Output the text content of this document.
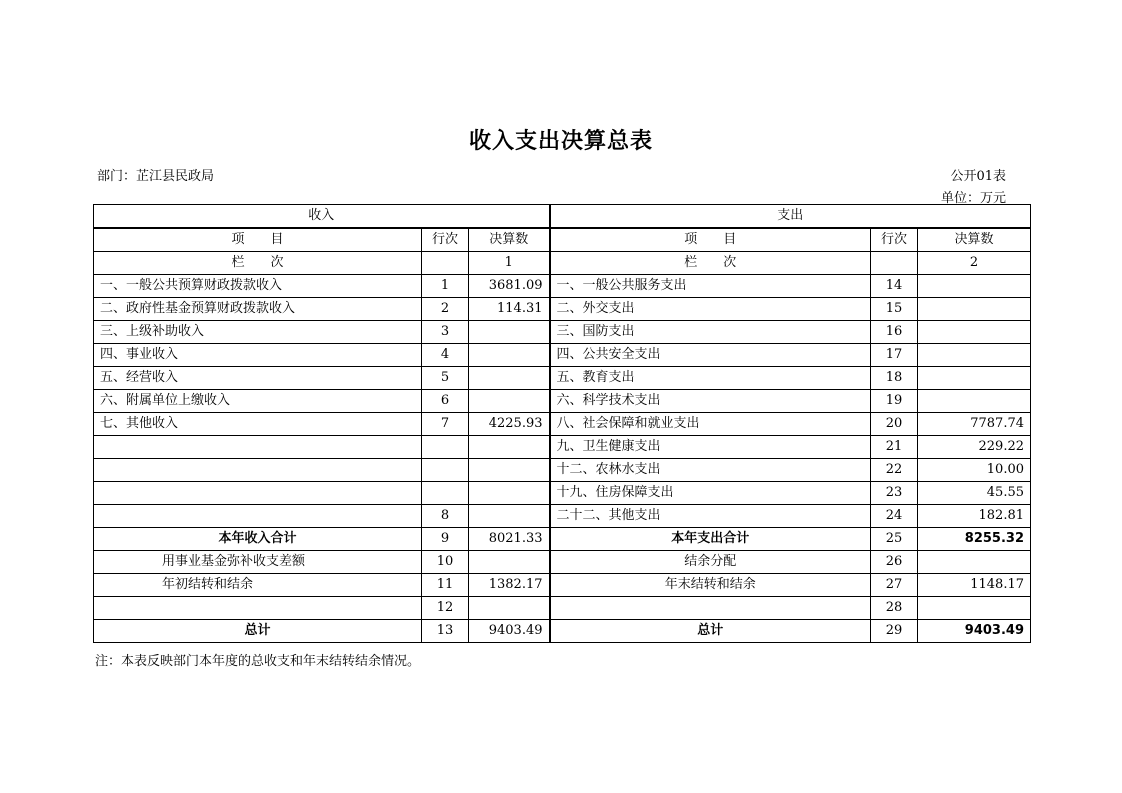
收入支出决算总表
部门：芷江县民政局	公开01表
单位：万元
收入			支出		
项　　目	行次	决算数	项　　目	行次	决算数
栏　　次		1	栏　　次		2
一、一般公共预算财政拨款收入	1	3681.09	一、一般公共服务支出	14	
二、政府性基金预算财政拨款收入	2	114.31	二、外交支出	15	
三、上级补助收入	3		三、国防支出	16	
四、事业收入	4		四、公共安全支出	17	
五、经营收入	5		五、教育支出	18	
六、附属单位上缴收入	6		六、科学技术支出	19	
七、其他收入	7	4225.93	八、社会保障和就业支出	20	7787.74
			九、卫生健康支出	21	229.22
			十二、农林水支出	22	10.00
			十九、住房保障支出	23	45.55
	8		二十二、其他支出	24	182.81
本年收入合计	9	8021.33	本年支出合计	25	8255.32
用事业基金弥补收支差额	10		结余分配	26	
年初结转和结余	11	1382.17	年末结转和结余	27	1148.17
	12			28	
总计	13	9403.49	总计	29	9403.49
注：本表反映部门本年度的总收支和年末结转结余情况。
